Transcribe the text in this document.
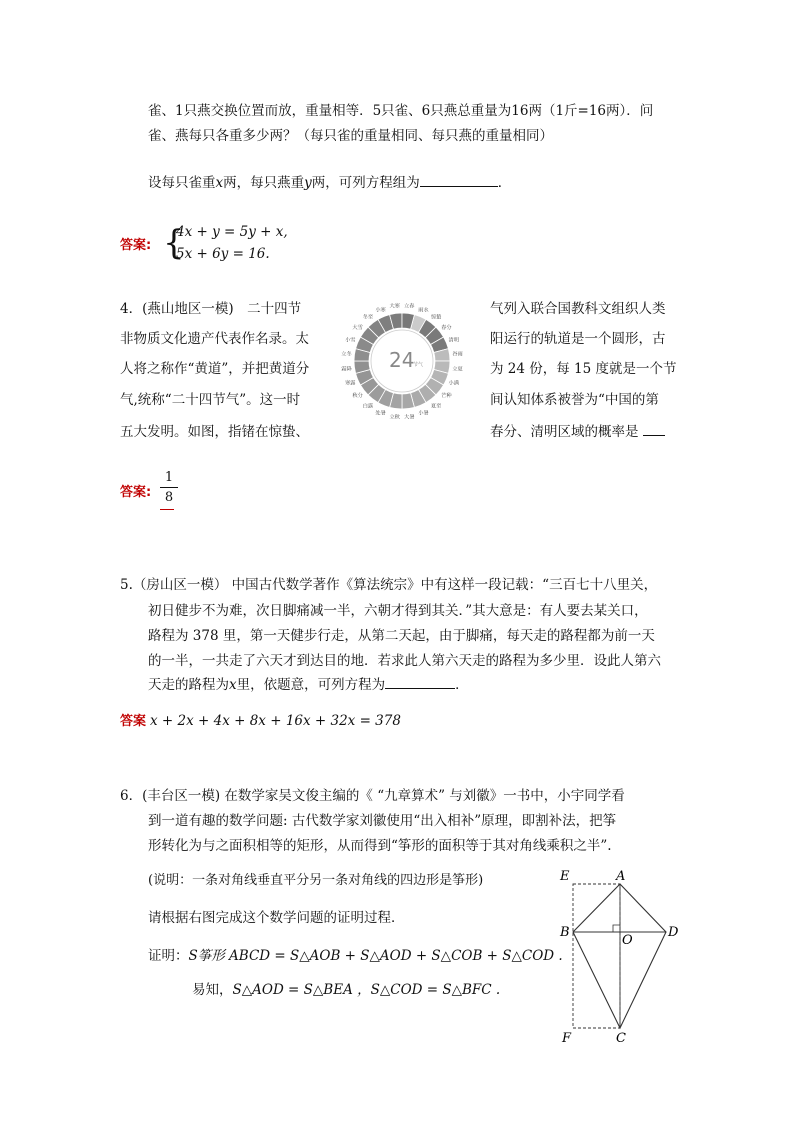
雀、1只燕交换位置而放，重量相等．5只雀、6只燕总重量为16两（1斤=16两）．问
雀、燕每只各重多少两？（每只雀的重量相同、每只燕的重量相同）
设每只雀重x两，每只燕重y两，可列方程组为	．
答案: {
4x + y = 5y + x,
5x + 6y = 16.
4．(燕山地区一模)　二十四节
非物质文化遗产代表作名录。太
人将之称作“黄道”，并把黄道分
气,统称“二十四节气”。这一时
五大发明。如图，指锗在惊蛰、
气列入联合国教科文组织人类
阳运行的轨道是一个圆形，古
为 24 份，每 15 度就是一个节
间认知体系被誉为“中国的第
春分、清明区域的概率是
24
节气
雨水
惊蛰
春分
清明
谷雨
立夏
小满
芒种
夏至
小暑
大暑
立秋
处暑
白露
秋分
寒露
霜降
立冬
小雪
大雪
冬至
小寒
大寒 立春
答案:
1
8
5.（房山区一模） 中国古代数学著作《算法统宗》中有这样一段记载：“三百七十八里关，
初日健步不为难，次日脚痛减一半，六朝才得到其关．”其大意是：有人要去某关口，
路程为 378 里，第一天健步行走，从第二天起，由于脚痛，每天走的路程都为前一天
的一半，一共走了六天才到达目的地．若求此人第六天走的路程为多少里．设此人第六
天走的路程为x里，依题意，可列方程为	．
答案 x + 2x + 4x + 8x + 16x + 32x = 378
6．(丰台区一模) 在数学家吴文俊主编的《 “九章算术” 与刘徽》一书中，小宇同学看
到一道有趣的数学问题: 古代数学家刘徽使用“出入相补”原理，即割补法，把筝
形转化为与之面积相等的矩形，从而得到“筝形的面积等于其对角线乘积之半”.
(说明：一条对角线垂直平分另一条对角线的四边形是筝形)
请根据右图完成这个数学问题的证明过程．
证明：S筝形 ABCD = S△AOB + S△AOD + S△COB + S△COD .
易知，S△AOD = S△BEA ，S△COD = S△BFC .
E	A
B
O
D
F	C
